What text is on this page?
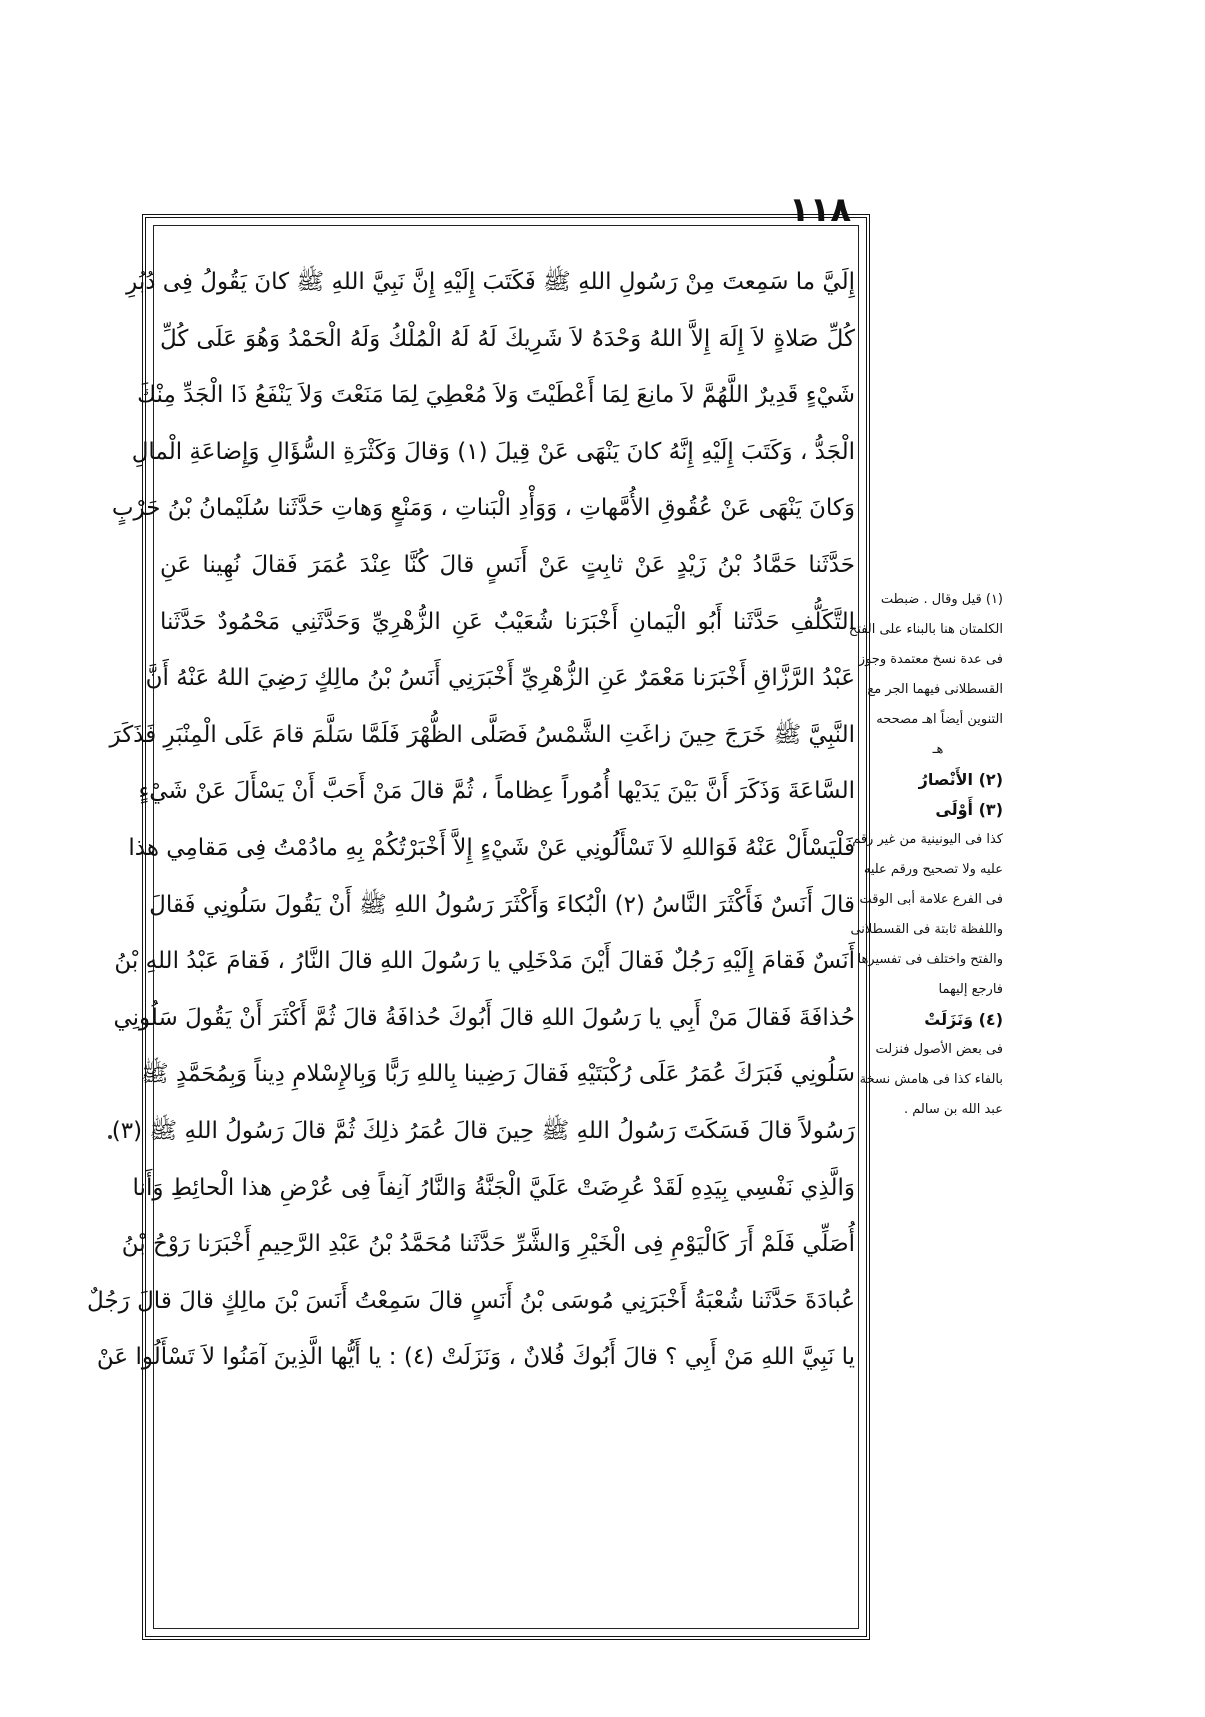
١١٨
إِلَيَّ ما سَمِعتَ مِنْ رَسُولِ اللهِ ﷺ فَكَتَبَ إِلَيْهِ إِنَّ نَبِيَّ اللهِ ﷺ كانَ يَقُولُ فِى دُبُرِ
كُلِّ صَلاةٍ لاَ إِلَهَ إِلاَّ اللهُ وَحْدَهُ لاَ شَرِيكَ لَهُ لَهُ الْمُلْكُ وَلَهُ الْحَمْدُ وَهُوَ عَلَى كُلِّ
شَيْءٍ قَدِيرٌ اللَّهُمَّ لاَ مانِعَ لِمَا أَعْطَيْتَ وَلاَ مُعْطِيَ لِمَا مَنَعْتَ وَلاَ يَنْفَعُ ذَا الْجَدِّ مِنْكَ
الْجَدُّ ، وَكَتَبَ إِلَيْهِ إِنَّهُ كانَ يَنْهَى عَنْ قِيلَ (١) وَقالَ وَكَثْرَةِ السُّؤَالِ وَإِضاعَةِ الْمالِ
وَكانَ يَنْهَى عَنْ عُقُوقِ الأُمَّهاتِ ، وَوَأْدِ الْبَناتِ ، وَمَنْعٍ وَهاتِ حَدَّثَنا سُلَيْمانُ بْنُ حَرْبٍ
حَدَّثَنا حَمَّادُ بْنُ زَيْدٍ عَنْ ثابِتٍ عَنْ أَنَسٍ قالَ كُنَّا عِنْدَ عُمَرَ فَقالَ نُهِينا عَنِ
التَّكَلُّفِ حَدَّثَنا أَبُو الْيَمانِ أَخْبَرَنا شُعَيْبٌ عَنِ الزُّهْرِيِّ وَحَدَّثَنِي مَحْمُودٌ حَدَّثَنا
عَبْدُ الرَّزَّاقِ أَخْبَرَنا مَعْمَرٌ عَنِ الزُّهْرِيِّ أَخْبَرَنِي أَنَسُ بْنُ مالِكٍ رَضِيَ اللهُ عَنْهُ أَنَّ
النَّبِيَّ ﷺ خَرَجَ حِينَ زاغَتِ الشَّمْسُ فَصَلَّى الظُّهْرَ فَلَمَّا سَلَّمَ قامَ عَلَى الْمِنْبَرِ فَذَكَرَ
السَّاعَةَ وَذَكَرَ أَنَّ بَيْنَ يَدَيْها أُمُوراً عِظاماً ، ثُمَّ قالَ مَنْ أَحَبَّ أَنْ يَسْأَلَ عَنْ شَيْءٍ
فَلْيَسْأَلْ عَنْهُ فَوَاللهِ لاَ تَسْأَلُونِي عَنْ شَيْءٍ إِلاَّ أَخْبَرْتُكُمْ بِهِ مادُمْتُ فِى مَقامِي هذا
قالَ أَنَسٌ فَأَكْثَرَ النَّاسُ (٢) الْبُكاءَ وَأَكْثَرَ رَسُولُ اللهِ ﷺ أَنْ يَقُولَ سَلُونِي فَقالَ
أَنَسٌ فَقامَ إِلَيْهِ رَجُلٌ فَقالَ أَيْنَ مَدْخَلِي يا رَسُولَ اللهِ قالَ النَّارُ ، فَقامَ عَبْدُ اللهِ بْنُ
حُذافَةَ فَقالَ مَنْ أَبِي يا رَسُولَ اللهِ قالَ أَبُوكَ حُذافَةُ قالَ ثُمَّ أَكْثَرَ أَنْ يَقُولَ سَلُونِي
سَلُونِي فَبَرَكَ عُمَرُ عَلَى رُكْبَتَيْهِ فَقالَ رَضِينا بِاللهِ رَبًّا وَبِالإِسْلامِ دِيناً وَبِمُحَمَّدٍ ﷺ
رَسُولاً قالَ فَسَكَتَ رَسُولُ اللهِ ﷺ حِينَ قالَ عُمَرُ ذلِكَ ثُمَّ قالَ رَسُولُ اللهِ ﷺ (٣)
وَالَّذِي نَفْسِي بِيَدِهِ لَقَدْ عُرِضَتْ عَلَيَّ الْجَنَّةُ وَالنَّارُ آنِفاً فِى عُرْضِ هذا الْحائِطِ وَأَنا
أُصَلِّي فَلَمْ أَرَ كَالْيَوْمِ فِى الْخَيْرِ وَالشَّرِّ حَدَّثَنا مُحَمَّدُ بْنُ عَبْدِ الرَّحِيمِ أَخْبَرَنا رَوْحُ بْنُ
عُبادَةَ حَدَّثَنا شُعْبَةُ أَخْبَرَنِي مُوسَى بْنُ أَنَسٍ قالَ سَمِعْتُ أَنَسَ بْنَ مالِكٍ قالَ قالَ رَجُلٌ
يا نَبِيَّ اللهِ مَنْ أَبِي ؟ قالَ أَبُوكَ فُلانٌ ، وَنَزَلَتْ (٤) : يا أَيُّها الَّذِينَ آمَنُوا لاَ تَسْأَلُوا عَنْ
(١) قيل وقال . ضبطت
الكلمتان هنا بالبناء على الفتح
فى عدة نسخ معتمدة وجوز
القسطلانى فيهما الجر مع
التنوين أيضاً اهـ مصححه
هـ
(٢) الأَنْصارُ
(٣) أَوْلَى
كذا فى اليونينية من غير رقم
عليه ولا تصحيح ورقم عليه
فى الفرع علامة أبى الوقت
واللفظة ثابتة فى القسطلانى
والفتح واختلف فى تفسيرها
فارجع إليهما
(٤) وَنَزَلَتْ
فى بعض الأصول فنزلت
بالفاء كذا فى هامش نسخة
عبد الله بن سالم .
